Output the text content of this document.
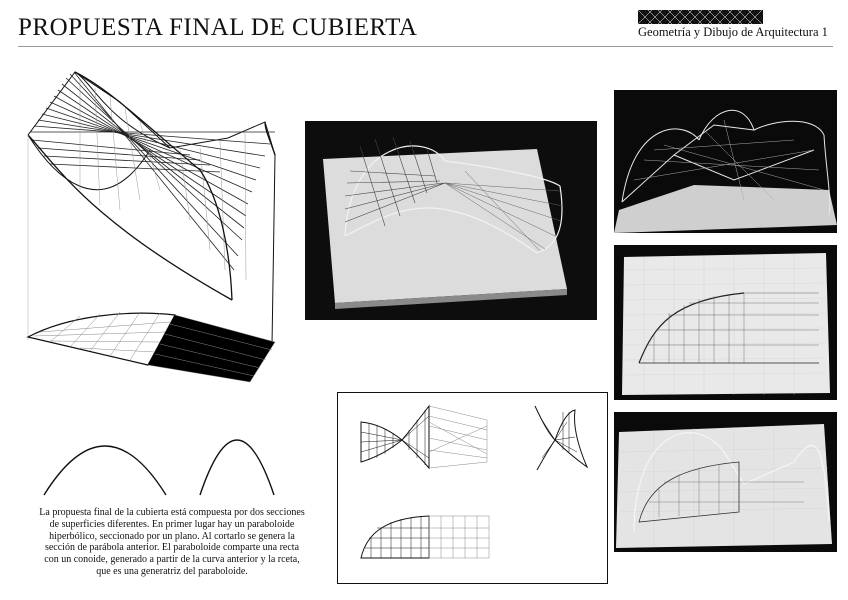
PROPUESTA FINAL DE CUBIERTA	Geometría y Dibujo de Arquitectura 1

La propuesta final de la cubierta está compuesta por dos secciones

de superficies diferentes. En primer lugar hay un paraboloide

hiperbólico, seccionado por un plano. Al cortarlo se genera la

sección de parábola anterior. El paraboloide comparte una recta

con un conoide, generado a partir de la curva anterior y la rceta,

que es una generatriz del paraboloide.
